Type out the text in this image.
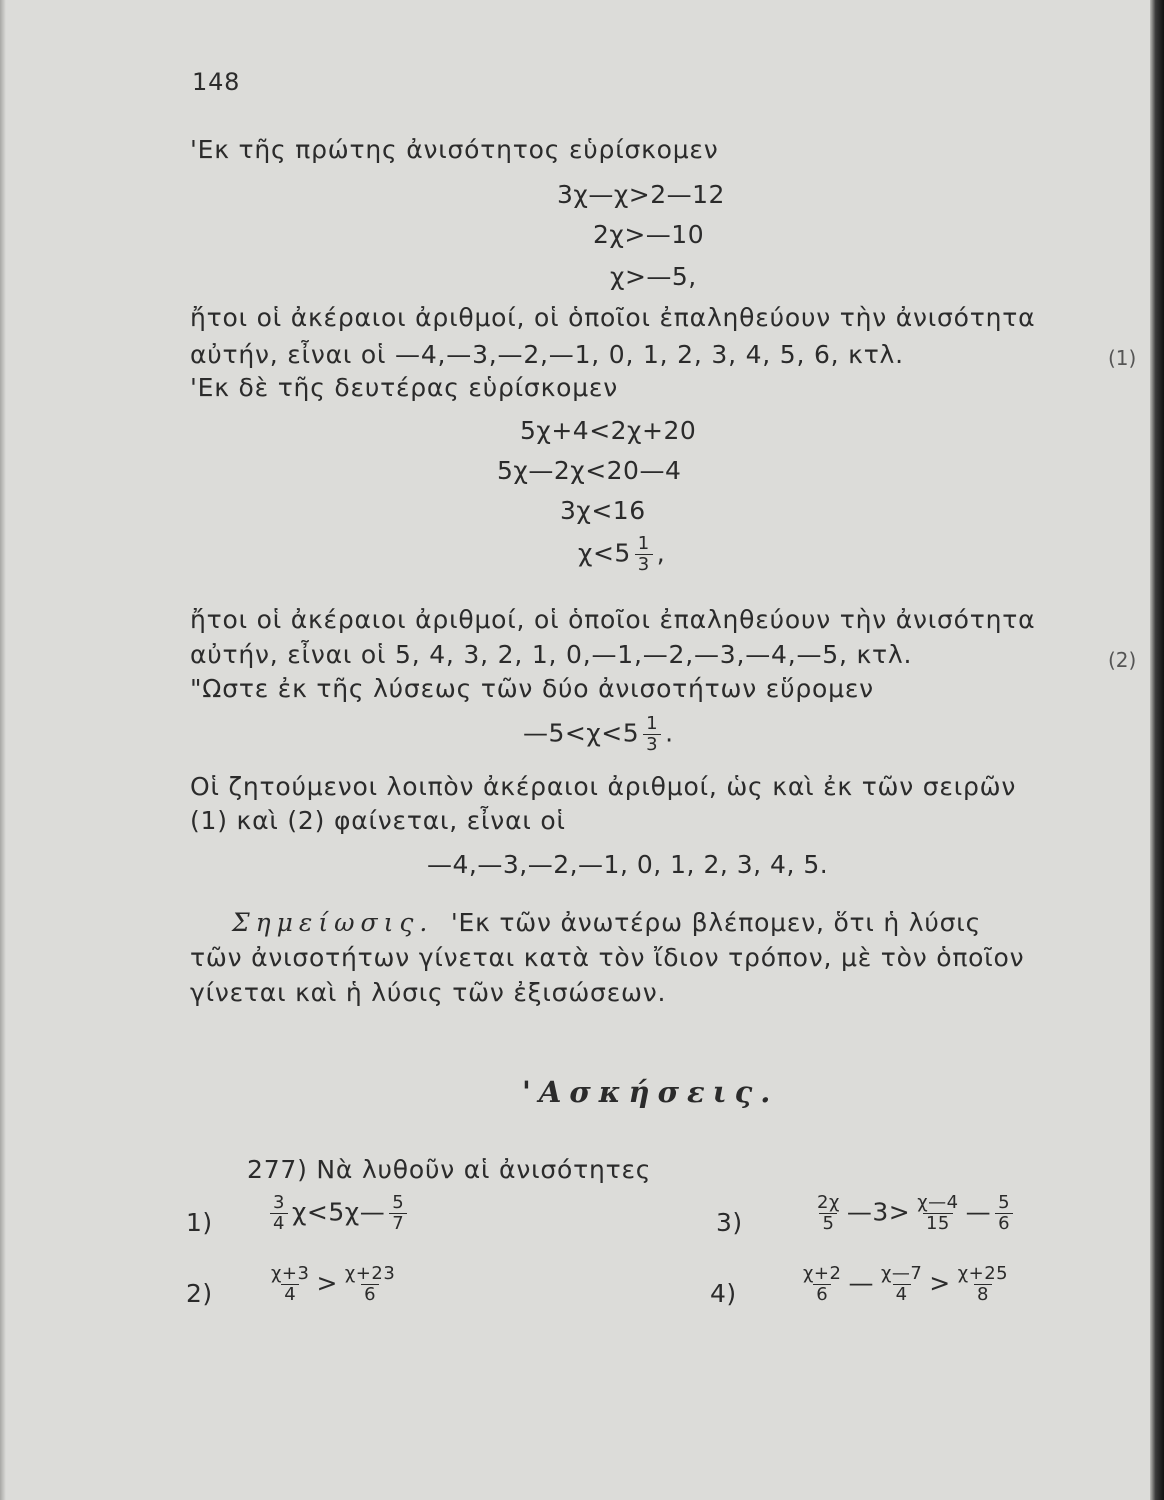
148
'Εκ τῆς πρώτης ἀνισότητος εὑρίσκομεν
3χ—χ>2—12
2χ>—10
χ>—5,
ἤτοι οἱ ἀκέραιοι ἀριθμοί, οἱ ὁποῖοι ἐπαληθεύουν τὴν ἀνισότητα
αὐτήν, εἶναι οἱ —4,—3,—2,—1, 0, 1, 2, 3, 4, 5, 6, κτλ.	(1)
'Εκ δὲ τῆς δευτέρας εὑρίσκομεν
5χ+4<2χ+20
5χ—2χ<20—4
3χ<16
$\chi<5 \frac{1}{3}$ ,
ἤτοι οἱ ἀκέραιοι ἀριθμοί, οἱ ὁποῖοι ἐπαληθεύουν τὴν ἀνισότητα
αὐτήν, εἶναι οἱ 5, 4, 3, 2, 1, 0,—1,—2,—3,—4,—5, κτλ.	(2)
"Ωστε ἐκ τῆς λύσεως τῶν δύο ἀνισοτήτων εὕρομεν
—5<χ<5 $\frac{1}{3}$ .
Οἱ ζητούμενοι λοιπὸν ἀκέραιοι ἀριθμοί, ὡς καὶ ἐκ τῶν σειρῶν
(1) καὶ (2) φαίνεται, εἶναι οἱ
—4,—3,—2,—1, 0, 1, 2, 3, 4, 5.
Σημείωσις. 'Εκ τῶν ἀνωτέρω βλέπομεν, ὅτι ἡ λύσις
τῶν ἀνισοτήτων γίνεται κατὰ τὸν ἴδιον τρόπον, μὲ τὸν ὁποῖον
γίνεται καὶ ἡ λύσις τῶν ἐξισώσεων.
'Ασκήσεις.
277) Νὰ λυθοῦν αἱ ἀνισότητες
1)	$\frac{3}{4}$ χ<5χ— $\frac{5}{7}$	3)	$\frac{2\chi}{5}$ —3> $\frac{\chi—4}{15}$ — $\frac{5}{6}$
2)	$\frac{\chi+3}{4} > \frac{\chi+23}{6}$	4)	$\frac{\chi+2}{6}$ — $\frac{\chi—7}{4} > \frac{\chi+25}{8}$
